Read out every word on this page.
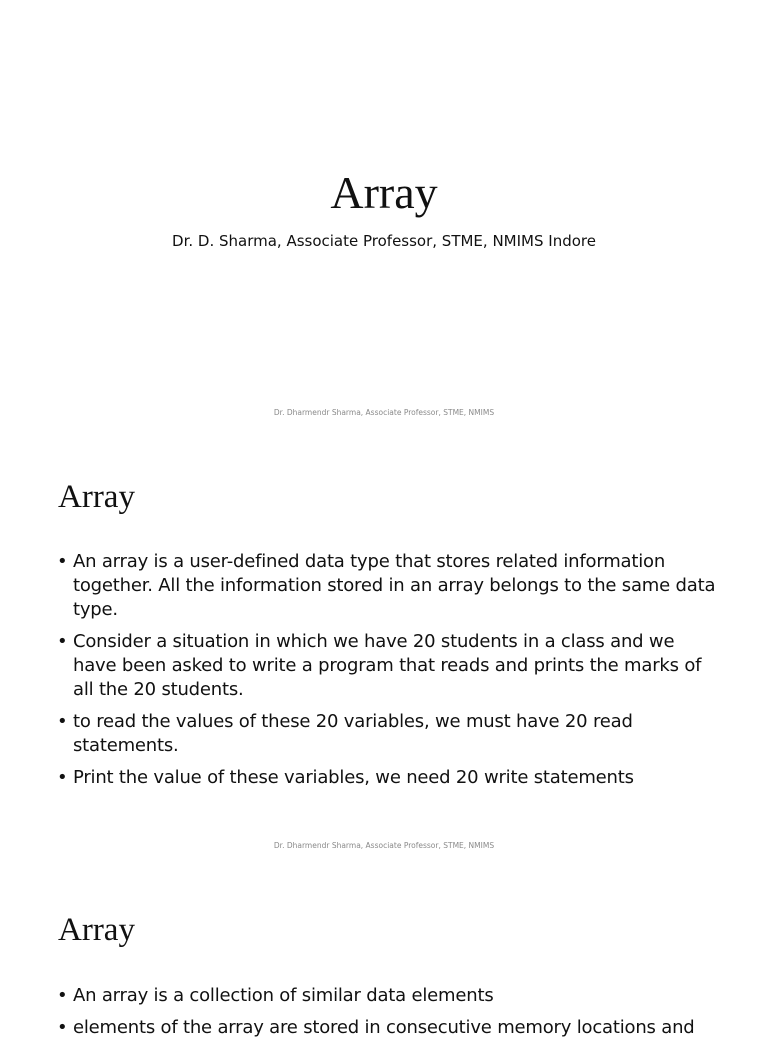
Array
Dr. D. Sharma, Associate Professor, STME, NMIMS Indore
Dr. Dharmendr Sharma, Associate Professor, STME, NMIMS
Array
• An array is a user-defined data type that stores related information together. All the information stored in an array belongs to the same data type.
• Consider a situation in which we have 20 students in a class and we have been asked to write a program that reads and prints the marks of all the 20 students.
• to read the values of these 20 variables, we must have 20 read statements.
• Print the value of these variables, we need 20 write statements
Dr. Dharmendr Sharma, Associate Professor, STME, NMIMS
Array
• An array is a collection of similar data elements
• elements of the array are stored in consecutive memory locations and
